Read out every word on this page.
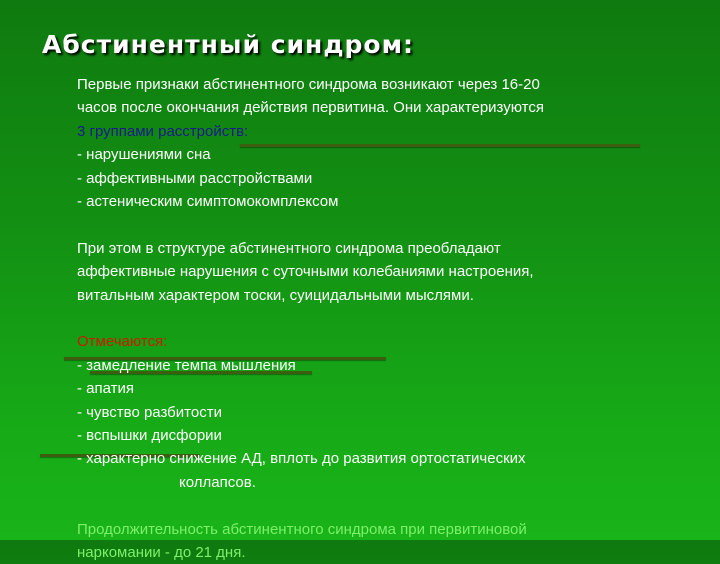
Абстинентный синдром:
Первые признаки абстинентного синдрома возникают через 16-20
часов после окончания действия первитина. Они характеризуются
3 группами расстройств:
- нарушениями сна
- аффективными расстройствами
- астеническим симптомокомплексом
При этом в структуре абстинентного синдрома преобладают
аффективные нарушения с суточными колебаниями настроения,
витальным характером тоски, суицидальными мыслями.
Отмечаются:
- замедление темпа мышления
- апатия
- чувство разбитости
- вспышки дисфории
- характерно снижение АД, вплоть до развития ортостатических
коллапсов.
Продолжительность абстинентного синдрома при первитиновой
наркомании - до 21 дня.
